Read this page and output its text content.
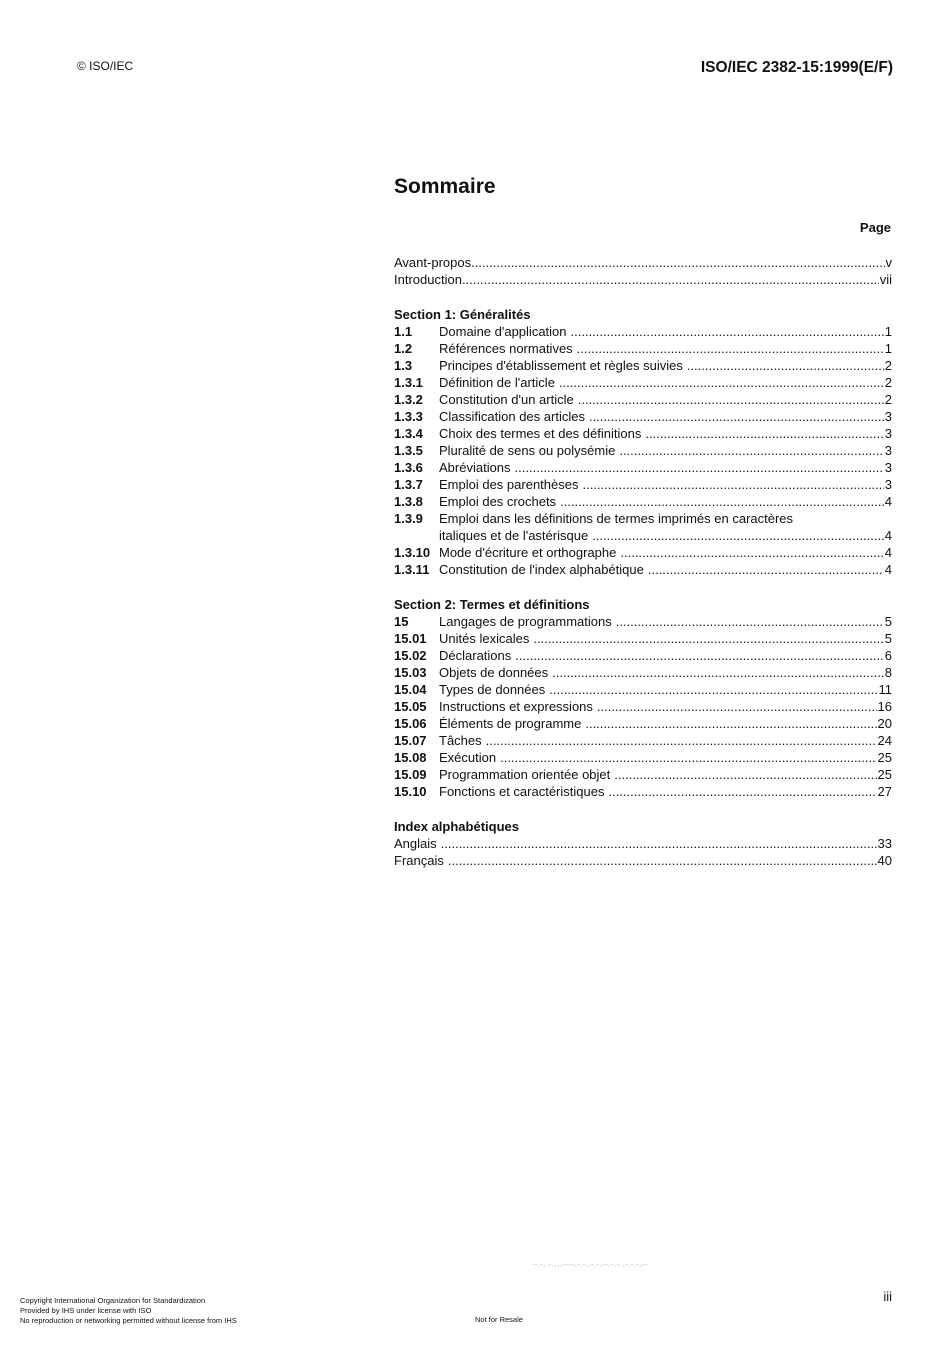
© ISO/IEC	ISO/IEC 2382-15:1999(E/F)
Sommaire
Page
Avant-propos .....	v
Introduction .....	vii
Section 1: Généralités
1.1	Domaine d'application .....	1
1.2	Références normatives .....	1
1.3	Principes d'établissement et règles suivies .....	2
1.3.1	Définition de l'article .....	2
1.3.2	Constitution d'un article .....	2
1.3.3	Classification des articles .....	3
1.3.4	Choix des termes et des définitions .....	3
1.3.5	Pluralité de sens ou polysémie .....	3
1.3.6	Abréviations .....	3
1.3.7	Emploi des parenthèses .....	3
1.3.8	Emploi des crochets .....	4
1.3.9	Emploi dans les définitions de termes imprimés en caractères
italiques et de l'astérisque .....	4
1.3.10 Mode d'écriture et orthographe .....	4
1.3.11 Constitution de l'index alphabétique .....	4
Section 2: Termes et définitions
15	Langages de programmations .....	5
15.01 Unités lexicales .....	5
15.02 Déclarations .....	6
15.03 Objets de données .....	8
15.04 Types de données .....	11
15.05 Instructions et expressions .....	16
15.06 Éléments de programme .....	20
15.07 Tâches .....	24
15.08 Exécution .....	25
15.09 Programmation orientée objet .....	25
15.10 Fonctions et caractéristiques .....	27
Index alphabétiques
Anglais .....	33
Français .....	40
--,-,,-,,,,----,-,-,,-,-,--,-,-,,-,-,-,--
iii
Copyright International Organization for Standardization
Provided by IHS under license with ISO
No reproduction or networking permitted without license from IHS	Not for Resale
